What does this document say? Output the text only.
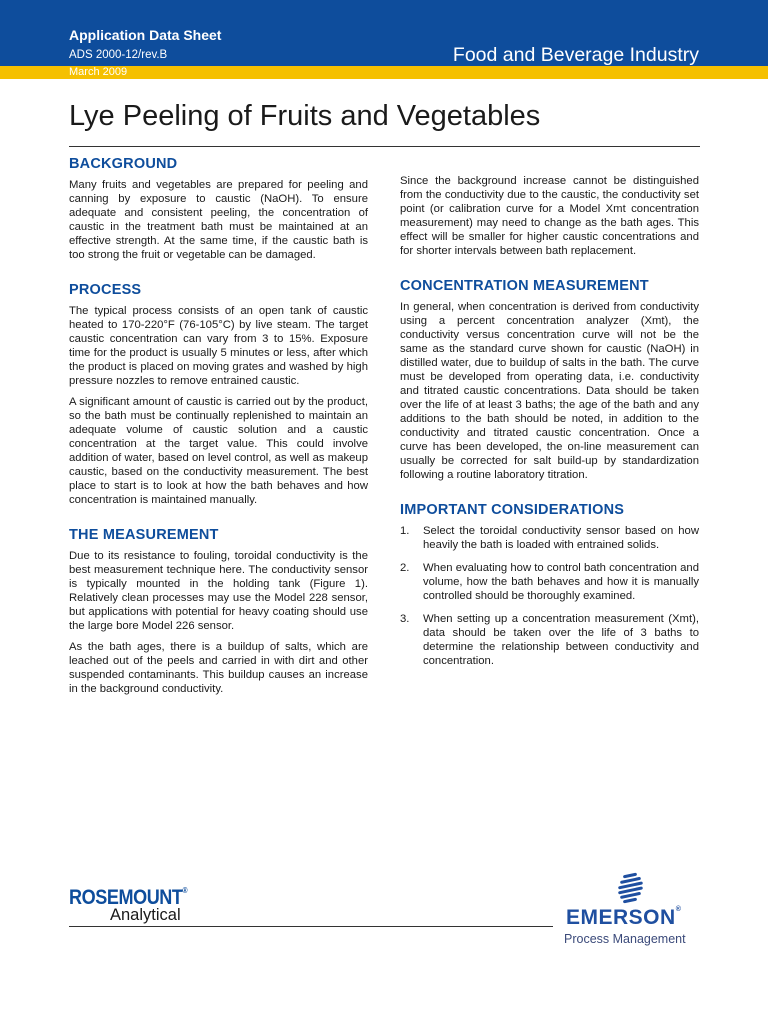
Application Data Sheet
ADS 2000-12/rev.B
March 2009
Food and Beverage Industry
Lye Peeling of Fruits and Vegetables
BACKGROUND

Many fruits and vegetables are prepared for peeling and canning by exposure to caustic (NaOH). To ensure adequate and consistent peeling, the concentration of caustic in the treatment bath must be maintained at an effective strength. At the same time, if the caustic bath is too strong the fruit or vegetable can be damaged.

PROCESS

The typical process consists of an open tank of caustic heated to 170-220°F (76-105°C) by live steam. The target caustic concentration can vary from 3 to 15%. Exposure time for the product is usually 5 minutes or less, after which the product is placed on moving grates and washed by high pressure nozzles to remove entrained caustic.

A significant amount of caustic is carried out by the product, so the bath must be continually replenished to maintain an adequate volume of caustic solution and a caustic concentration at the target value. This could involve addition of water, based on level control, as well as makeup caustic, based on the conductivity measurement. The best place to start is to look at how the bath behaves and how concentration is maintained manually.

THE MEASUREMENT

Due to its resistance to fouling, toroidal conductivity is the best measurement technique here. The conductivity sensor is typically mounted in the holding tank (Figure 1). Relatively clean processes may use the Model 228 sensor, but applications with potential for heavy coating should use the large bore Model 226 sensor.

As the bath ages, there is a buildup of salts, which are leached out of the peels and carried in with dirt and other suspended contaminants. This buildup causes an increase in the background conductivity.

Since the background increase cannot be distinguished from the conductivity due to the caustic, the conductivity set point (or calibration curve for a Model Xmt concentration measurement) may need to change as the bath ages. This effect will be smaller for higher caustic concentrations and for shorter intervals between bath replacement.

CONCENTRATION MEASUREMENT

In general, when concentration is derived from conductivity using a percent concentration analyzer (Xmt), the conductivity versus concentration curve will not be the same as the standard curve shown for caustic (NaOH) in distilled water, due to buildup of salts in the bath. The curve must be developed from operating data, i.e. conductivity and titrated caustic concentrations. Data should be taken over the life of at least 3 baths; the age of the bath and any additions to the bath should be noted, in addition to the conductivity and titrated caustic concentration. Once a curve has been developed, the on-line measurement can usually be corrected for salt build-up by standardization following a routine laboratory titration.

IMPORTANT CONSIDERATIONS
1. Select the toroidal conductivity sensor based on how heavily the bath is loaded with entrained solids.
2. When evaluating how to control bath concentration and volume, how the bath behaves and how it is manually controlled should be thoroughly examined.
3. When setting up a concentration measurement (Xmt), data should be taken over the life of 3 baths to determine the relationship between conductivity and concentration.
ROSEMOUNT®
Analytical	EMERSON®
Process Management
